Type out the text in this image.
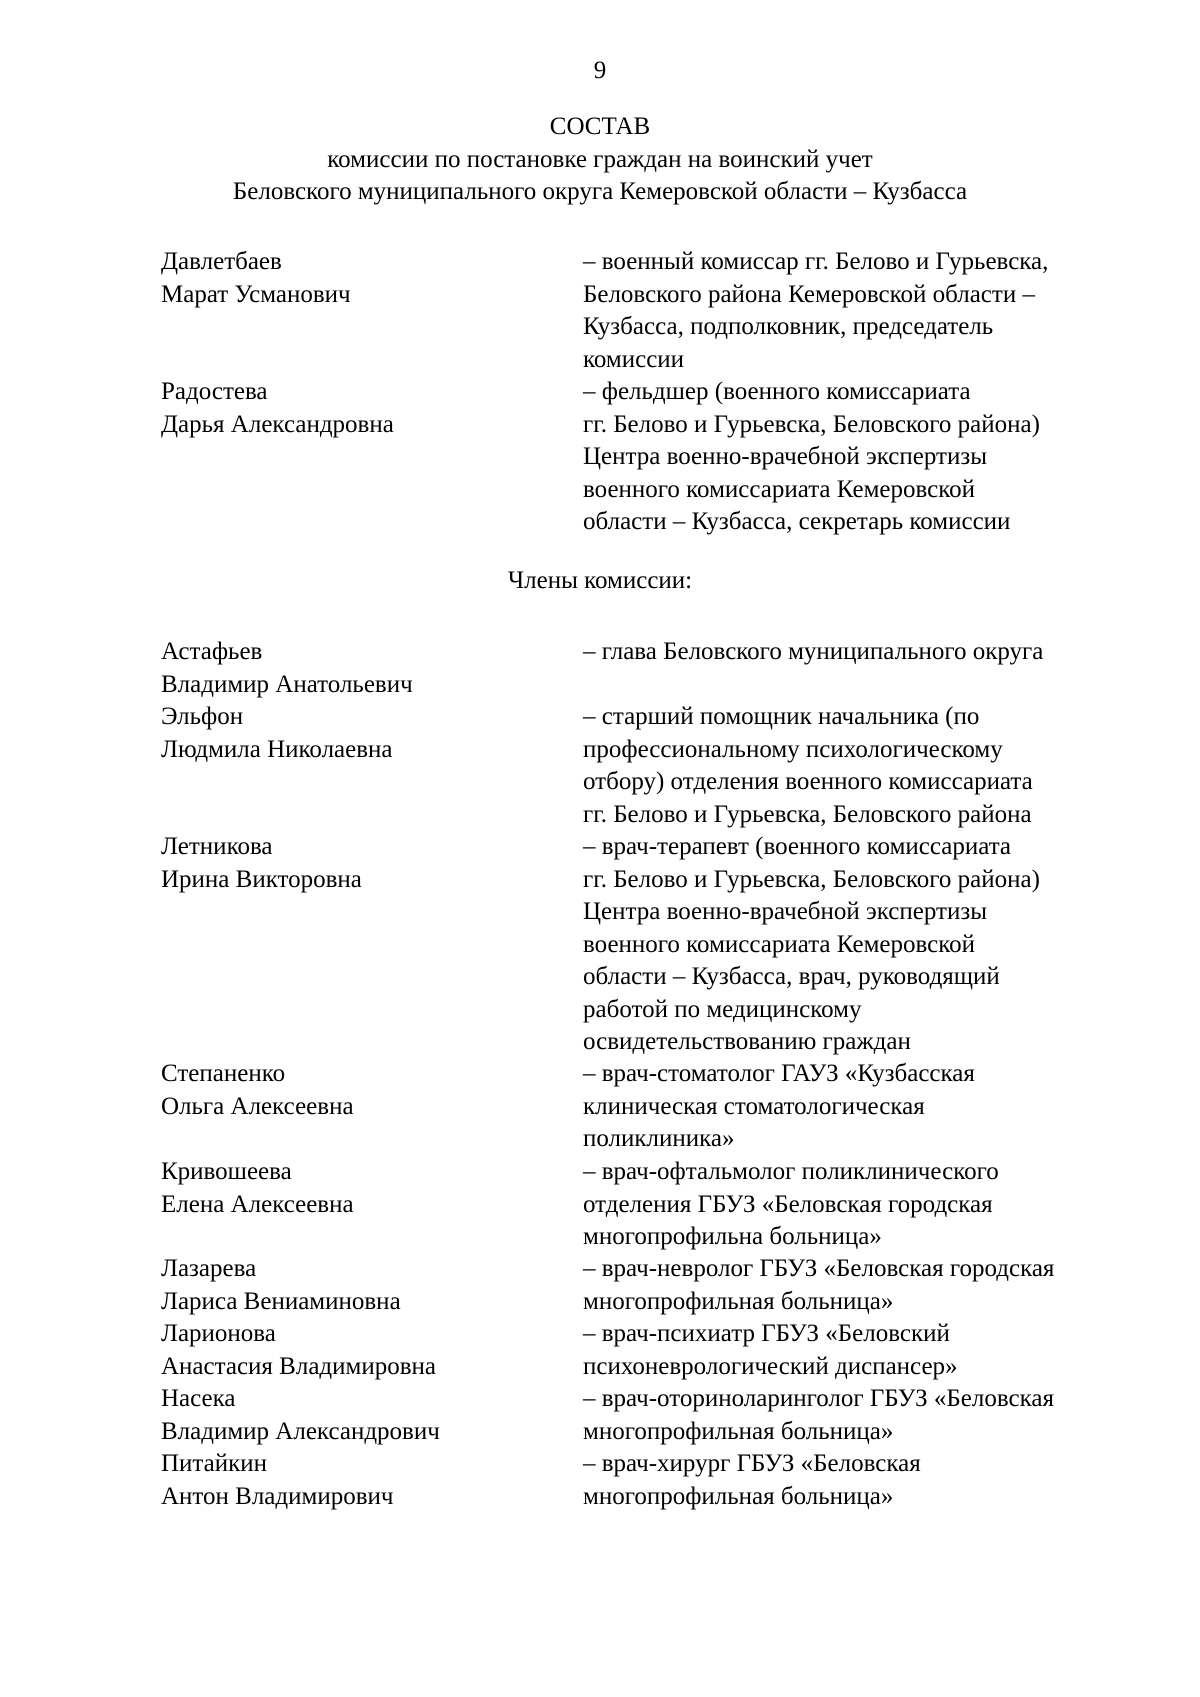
9
СОСТАВ
комиссии по постановке граждан на воинский учет
Беловского муниципального округа Кемеровской области – Кузбасса
Давлетбаев
Марат Усманович
– военный комиссар гг. Белово и Гурьевска,
Беловского района Кемеровской области –
Кузбасса, подполковник, председатель
комиссии
Радостева
Дарья Александровна
– фельдшер (военного комиссариата
гг. Белово и Гурьевска, Беловского района)
Центра военно-врачебной экспертизы
военного комиссариата Кемеровской
области – Кузбасса, секретарь комиссии
Члены комиссии:
Астафьев
Владимир Анатольевич
– глава Беловского муниципального округа
Эльфон
Людмила Николаевна
– старший помощник начальника (по
профессиональному психологическому
отбору) отделения военного комиссариата
гг. Белово и Гурьевска, Беловского района
Летникова
Ирина Викторовна
– врач-терапевт (военного комиссариата
гг. Белово и Гурьевска, Беловского района)
Центра военно-врачебной экспертизы
военного комиссариата Кемеровской
области – Кузбасса, врач, руководящий
работой по медицинскому
освидетельствованию граждан
Степаненко
Ольга Алексеевна
– врач-стоматолог ГАУЗ «Кузбасская
клиническая стоматологическая
поликлиника»
Кривошеева
Елена Алексеевна
– врач-офтальмолог поликлинического
отделения ГБУЗ «Беловская городская
многопрофильна больница»
Лазарева
Лариса Вениаминовна
– врач-невролог ГБУЗ «Беловская городская
многопрофильная больница»
Ларионова
Анастасия Владимировна
– врач-психиатр ГБУЗ «Беловский
психоневрологический диспансер»
Насека
Владимир Александрович
– врач-оториноларинголог ГБУЗ «Беловская
многопрофильная больница»
Питайкин
Антон Владимирович
– врач-хирург ГБУЗ «Беловская
многопрофильная больница»
